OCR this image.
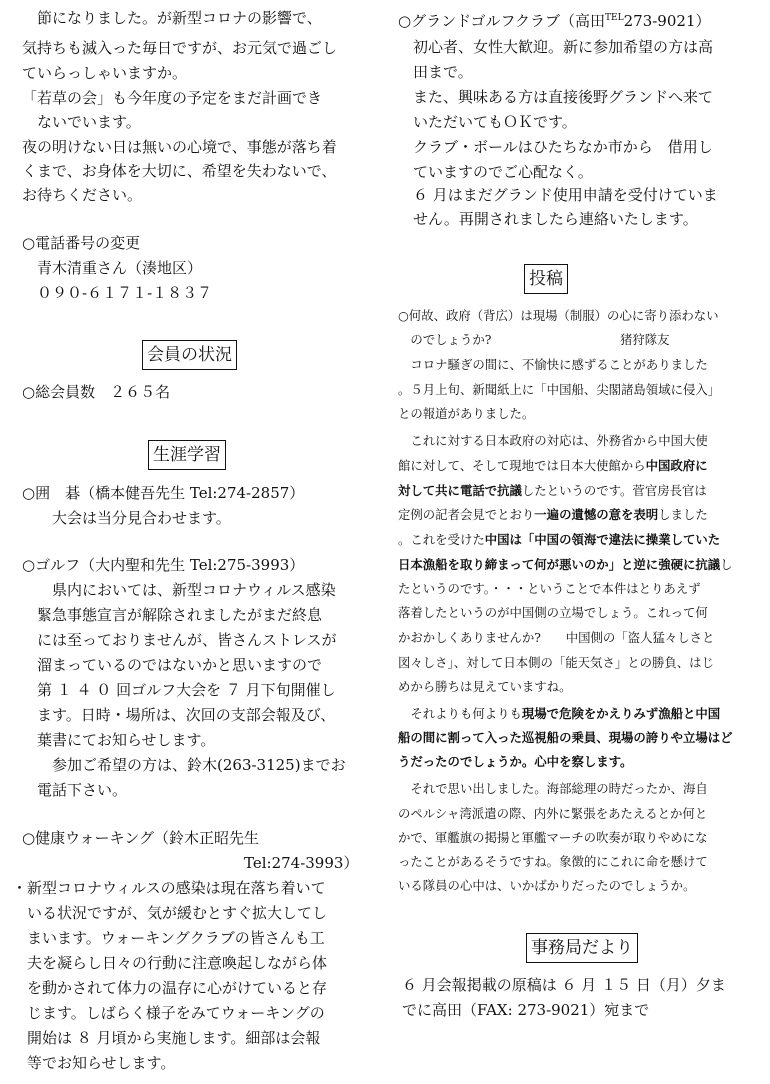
　節になりました。が新型コロナの影響で、
気持ちも滅入った毎日ですが、お元気で過ごし
ていらっしゃいますか。
「若草の会」も今年度の予定をまだ計画でき
　ないでいます。
夜の明けない日は無いの心境で、事態が落ち着
くまで、お身体を大切に、希望を失わないで、
お待ちください。
○電話番号の変更
　青木清重さん（湊地区）
　０９０-６１７１-１８３７
会員の状況
○総会員数　２６５名
生涯学習
○囲　碁（橋本健吾先生 Tel:274-2857）
　　大会は当分見合わせます。
○ゴルフ（大内聖和先生 Tel:275-3993）
　　県内においては、新型コロナウィルス感染
　緊急事態宣言が解除されましたがまだ終息
　には至っておりませんが、皆さんストレスが
　溜まっているのではないかと思いますので
　第 １ ４ ０ 回ゴルフ大会を ７ 月下旬開催し
　ます。日時・場所は、次回の支部会報及び、
　葉書にてお知らせします。
　　参加ご希望の方は、鈴木(263-3125)までお
　電話下さい。
○健康ウォーキング（鈴木正昭先生
Tel:274-3993）
・新型コロナウィルスの感染は現在落ち着いて
　いる状況ですが、気が緩むとすぐ拡大してし
　まいます。ウォーキングクラブの皆さんも工
　夫を凝らし日々の行動に注意喚起しながら体
　を動かされて体力の温存に心がけていると存
　じます。しばらく様子をみてウォーキングの
　開始は ８ 月頃から実施します。細部は会報
　等でお知らせします。
○グランドゴルフクラブ（高田$^{TEL}$273-9021）
　初心者、女性大歓迎。新に参加希望の方は高
　田まで。
　また、興味ある方は直接後野グランドへ来て
　いただいてもＯＫです。
　クラブ・ボールはひたちなか市から　借用し
　ていますのでご心配なく。
　６ 月はまだグランド使用申請を受付けていま
　せん。再開されましたら連絡いたします。
投稿
○何故、政府（背広）は現場（制服）の心に寄り添わない
　のでしょうか?	猪狩隊友
　コロナ騒ぎの間に、不愉快に感ずることがありました
。５月上旬、新聞紙上に「中国船、尖閣諸島領域に侵入」
との報道がありました。
　これに対する日本政府の対応は、外務省から中国大使
館に対して、そして現地では日本大使館から中国政府に
対して共に電話で抗議したというのです。菅官房長官は
定例の記者会見でとおり一遍の遺憾の意を表明しました
。これを受けた中国は「中国の領海で違法に操業していた
日本漁船を取り締まって何が悪いのか」と逆に強硬に抗議し
たというのです。・・・ということで本件はとりあえず
落着したというのが中国側の立場でしょう。これって何
かおかしくありませんか?　　中国側の「盗人猛々しさと
図々しさ」、対して日本側の「能天気さ」との勝負、はじ
めから勝ちは見えていますね。
　それよりも何よりも現場で危険をかえりみず漁船と中国
船の間に割って入った巡視船の乗員、現場の誇りや立場はど
うだったのでしょうか。心中を察します。
　それで思い出しました。海部総理の時だったか、海自
のペルシャ湾派遣の際、内外に緊張をあたえるとか何と
かで、軍艦旗の掲揚と軍艦マーチの吹奏が取りやめにな
ったことがあるそうですね。象徴的にこれに命を懸けて
いる隊員の心中は、いかばかりだったのでしょうか。
事務局だより
６ 月会報掲載の原稿は ６ 月 １５ 日（月）夕ま
でに高田（FAX: 273-9021）宛まで
